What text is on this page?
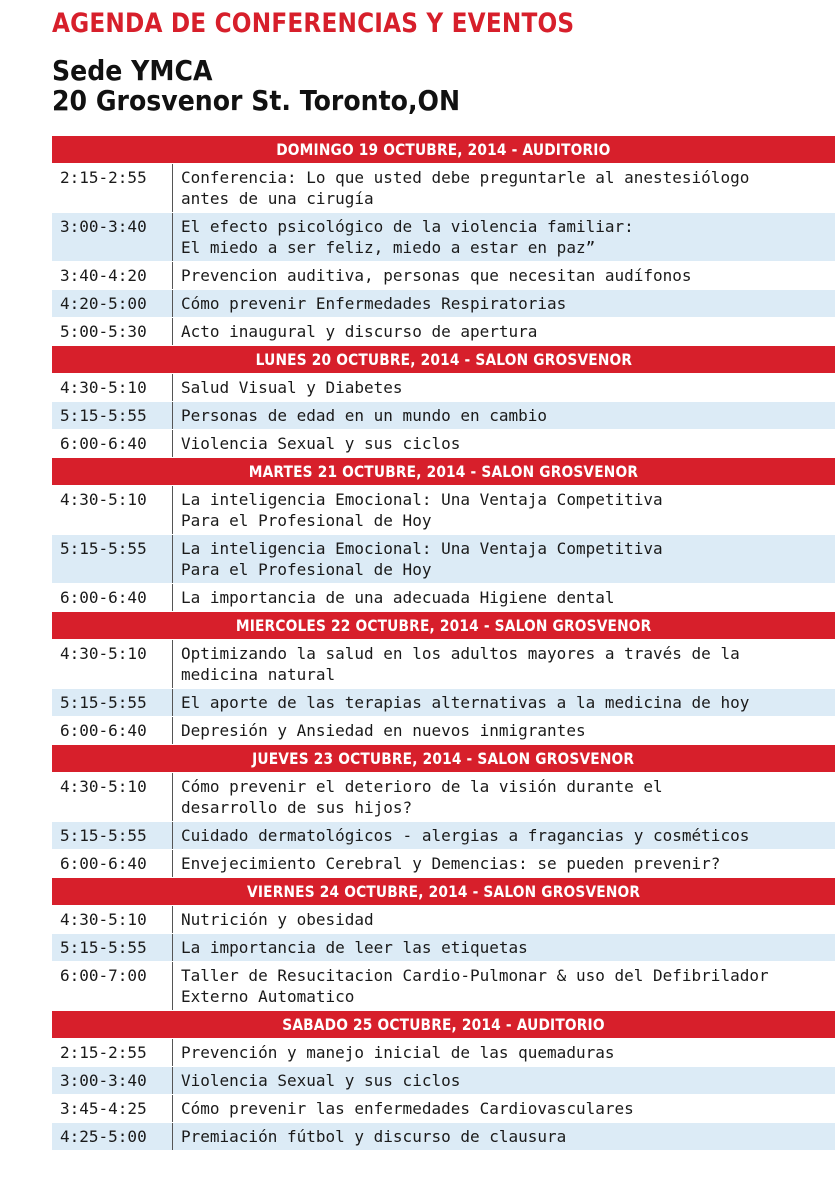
AGENDA DE CONFERENCIAS Y EVENTOS
Sede YMCA
20 Grosvenor St. Toronto,ON
DOMINGO 19 OCTUBRE, 2014 - AUDITORIO
2:15-2:55	Conferencia: Lo que usted debe preguntarle al anestesiólogo
antes de una cirugía
3:00-3:40	El efecto psicológico de la violencia familiar:
El miedo a ser feliz, miedo a estar en paz”
3:40-4:20	Prevencion auditiva, personas que necesitan audífonos
4:20-5:00	Cómo prevenir Enfermedades Respiratorias
5:00-5:30	Acto inaugural y discurso de apertura
LUNES 20 OCTUBRE, 2014 - SALON GROSVENOR
4:30-5:10	Salud Visual y Diabetes
5:15-5:55	Personas de edad en un mundo en cambio
6:00-6:40	Violencia Sexual y sus ciclos
MARTES 21 OCTUBRE, 2014 - SALON GROSVENOR
4:30-5:10	La inteligencia Emocional: Una Ventaja Competitiva
Para el Profesional de Hoy
5:15-5:55	La inteligencia Emocional: Una Ventaja Competitiva
Para el Profesional de Hoy
6:00-6:40	La importancia de una adecuada Higiene dental
MIERCOLES 22 OCTUBRE, 2014 - SALON GROSVENOR
4:30-5:10	Optimizando la salud en los adultos mayores a través de la
medicina natural
5:15-5:55	El aporte de las terapias alternativas a la medicina de hoy
6:00-6:40	Depresión y Ansiedad en nuevos inmigrantes
JUEVES 23 OCTUBRE, 2014 - SALON GROSVENOR
4:30-5:10	Cómo prevenir el deterioro de la visión durante el
desarrollo de sus hijos?
5:15-5:55	Cuidado dermatológicos - alergias a fragancias y cosméticos
6:00-6:40	Envejecimiento Cerebral y Demencias: se pueden prevenir?
VIERNES 24 OCTUBRE, 2014 - SALON GROSVENOR
4:30-5:10	Nutrición y obesidad
5:15-5:55	La importancia de leer las etiquetas
6:00-7:00	Taller de Resucitacion Cardio-Pulmonar & uso del Defibrilador
Externo Automatico
SABADO 25 OCTUBRE, 2014 - AUDITORIO
2:15-2:55	Prevención y manejo inicial de las quemaduras
3:00-3:40	Violencia Sexual y sus ciclos
3:45-4:25	Cómo prevenir las enfermedades Cardiovasculares
4:25-5:00	Premiación fútbol y discurso de clausura
